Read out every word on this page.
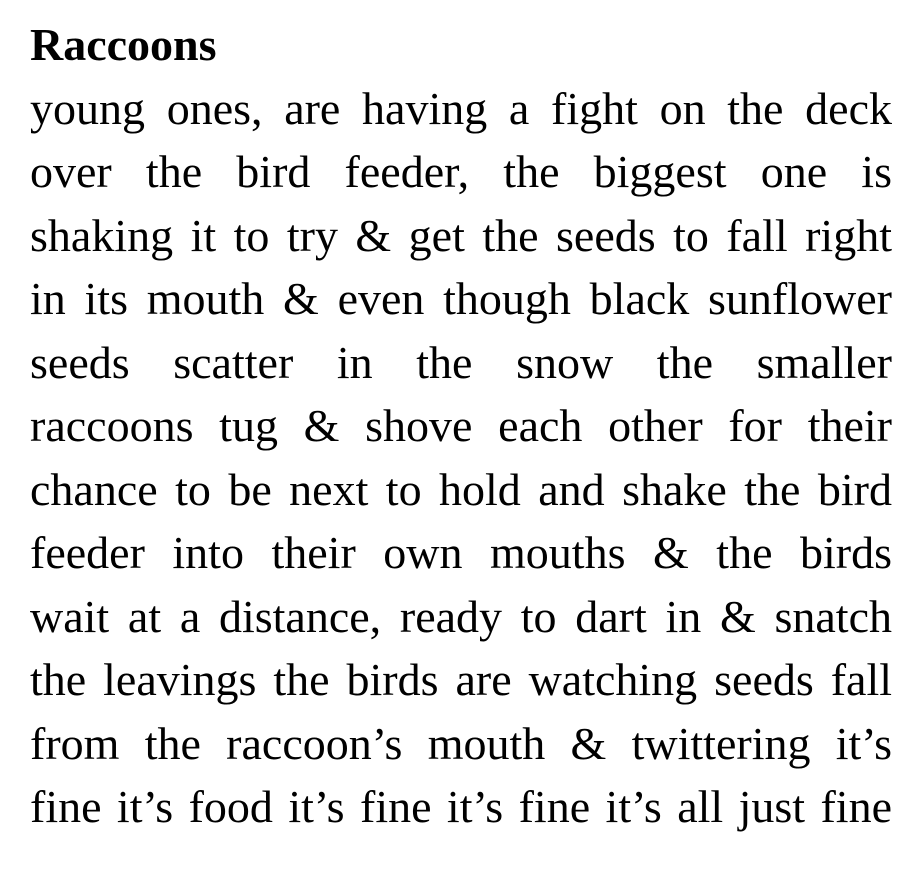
Raccoons
young ones, are having a fight on the deck
over the bird feeder, the biggest one is
shaking it to try & get the seeds to fall right
in its mouth & even though black sunflower
seeds scatter in the snow the smaller
raccoons tug & shove each other for their
chance to be next to hold and shake the bird
feeder into their own mouths & the birds
wait at a distance, ready to dart in & snatch
the leavings the birds are watching seeds fall
from the raccoon’s mouth & twittering it’s
fine it’s food it’s fine it’s fine it’s all just fine
